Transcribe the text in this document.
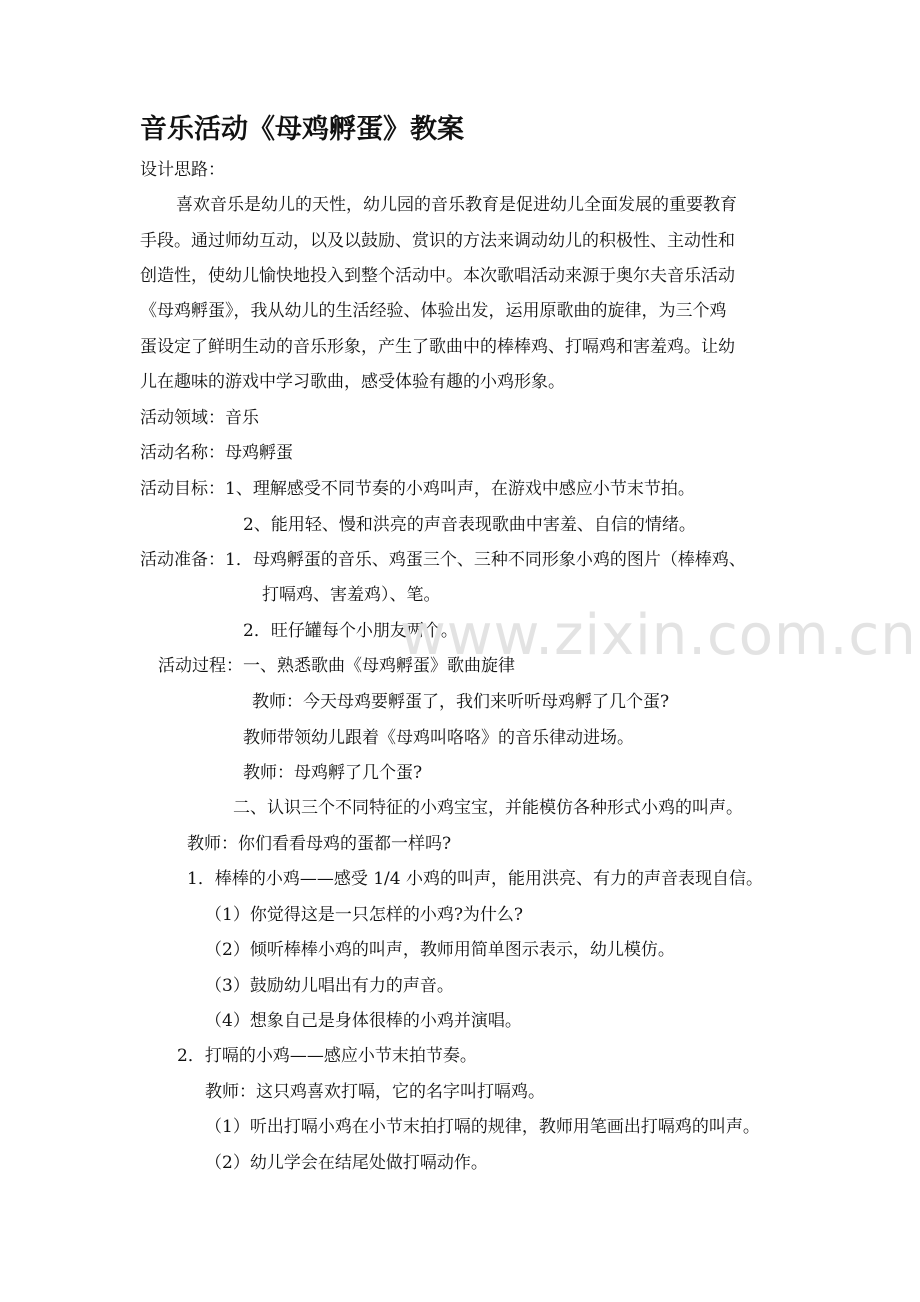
音乐活动《母鸡孵蛋》教案
设计思路：
喜欢音乐是幼儿的天性，幼儿园的音乐教育是促进幼儿全面发展的重要教育
手段。通过师幼互动，以及以鼓励、赏识的方法来调动幼儿的积极性、主动性和
创造性，使幼儿愉快地投入到整个活动中。本次歌唱活动来源于奥尔夫音乐活动
《母鸡孵蛋》，我从幼儿的生活经验、体验出发，运用原歌曲的旋律，为三个鸡
蛋设定了鲜明生动的音乐形象，产生了歌曲中的棒棒鸡、打嗝鸡和害羞鸡。让幼
儿在趣味的游戏中学习歌曲，感受体验有趣的小鸡形象。
活动领域：音乐
活动名称：母鸡孵蛋
活动目标：1、理解感受不同节奏的小鸡叫声，在游戏中感应小节末节拍。
2、能用轻、慢和洪亮的声音表现歌曲中害羞、自信的情绪。
活动准备：1．母鸡孵蛋的音乐、鸡蛋三个、三种不同形象小鸡的图片（棒棒鸡、
打嗝鸡、害羞鸡）、笔。
2．旺仔罐每个小朋友两个。
活动过程：一、熟悉歌曲《母鸡孵蛋》歌曲旋律
教师：今天母鸡要孵蛋了，我们来听听母鸡孵了几个蛋?
教师带领幼儿跟着《母鸡叫咯咯》的音乐律动进场。
教师：母鸡孵了几个蛋?
二、认识三个不同特征的小鸡宝宝，并能模仿各种形式小鸡的叫声。
教师：你们看看母鸡的蛋都一样吗?
1．棒棒的小鸡——感受 1/4 小鸡的叫声，能用洪亮、有力的声音表现自信。
（1）你觉得这是一只怎样的小鸡?为什么?
（2）倾听棒棒小鸡的叫声，教师用简单图示表示，幼儿模仿。
（3）鼓励幼儿唱出有力的声音。
（4）想象自己是身体很棒的小鸡并演唱。
2．打嗝的小鸡——感应小节末拍节奏。
教师：这只鸡喜欢打嗝，它的名字叫打嗝鸡。
（1）听出打嗝小鸡在小节末拍打嗝的规律，教师用笔画出打嗝鸡的叫声。
（2）幼儿学会在结尾处做打嗝动作。
www.zixin.com.cn
